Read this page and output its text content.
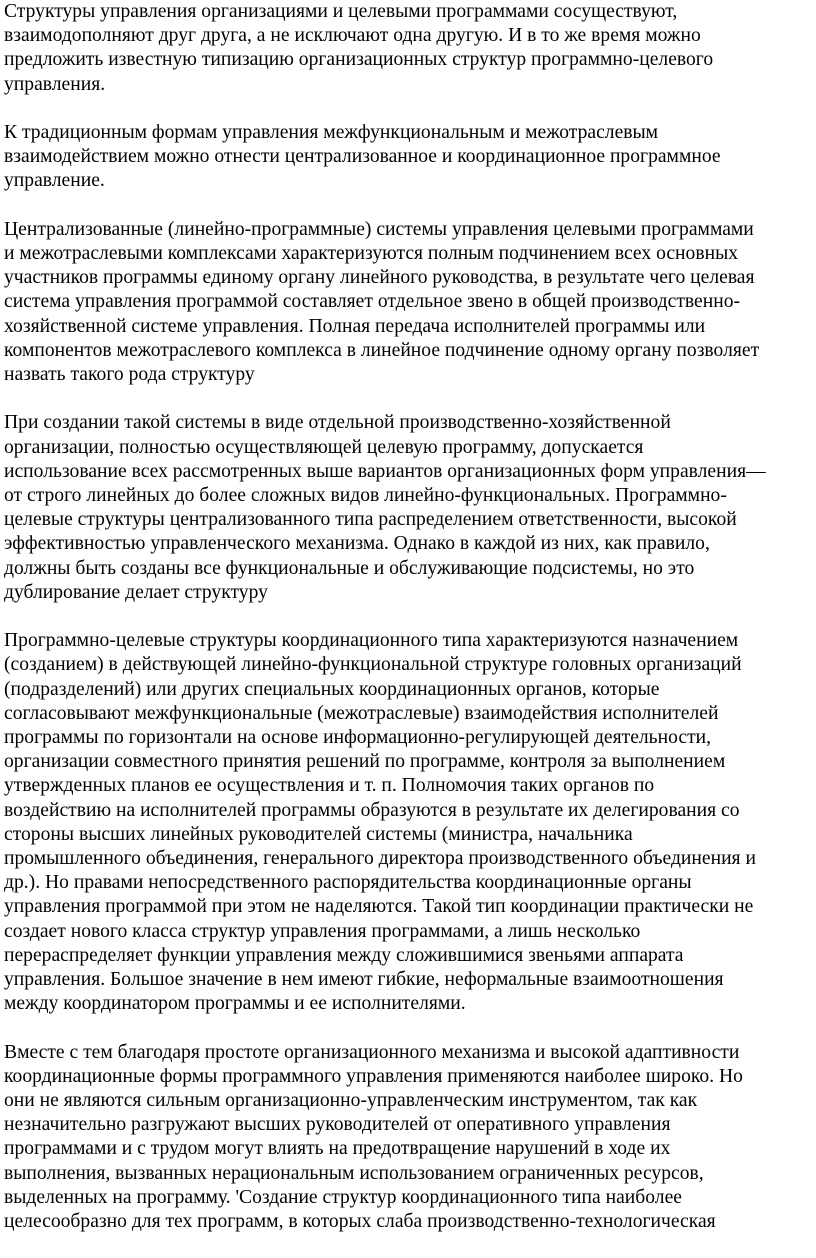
Структуры управления организациями и целевыми программами сосуществуют,
взаимодополняют друг друга, а не исключают одна другую. И в то же время можно
предложить известную типизацию организационных структур программно-целевого
управления.
К традиционным формам управления межфункциональным и межотраслевым
взаимодействием можно отнести централизованное и координационное программное
управление.
Централизованные (линейно-программные) системы управления целевыми программами
и межотраслевыми комплексами характеризуются полным подчинением всех основных
участников программы единому органу линейного руководства, в результате чего целевая
система управления программой составляет отдельное звено в общей производственно-
хозяйственной системе управления. Полная передача исполнителей программы или
компонентов межотраслевого комплекса в линейное подчинение одному органу позволяет
назвать такого рода структуру
При создании такой системы в виде отдельной производственно-хозяйственной
организации, полностью осуществляющей целевую программу, допускается
использование всех рассмотренных выше вариантов организационных форм управления—
от строго линейных до более сложных видов линейно-функциональных. Программно-
целевые структуры централизованного типа распределением ответственности, высокой
эффективностью управленческого механизма. Однако в каждой из них, как правило,
должны быть созданы все функциональные и обслуживающие подсистемы, но это
дублирование делает структуру
Программно-целевые структуры координационного типа характеризуются назначением
(созданием) в действующей линейно-функциональной структуре головных организаций
(подразделений) или других специальных координационных органов, которые
согласовывают межфункциональные (межотраслевые) взаимодействия исполнителей
программы по горизонтали на основе информационно-регулирующей деятельности,
организации совместного принятия решений по программе, контроля за выполнением
утвержденных планов ее осуществления и т. п. Полномочия таких органов по
воздействию на исполнителей программы образуются в результате их делегирования со
стороны высших линейных руководителей системы (министра, начальника
промышленного объединения, генерального директора производственного объединения и
др.). Но правами непосредственного распорядительства координационные органы
управления программой при этом не наделяются. Такой тип координации практически не
создает нового класса структур управления программами, а лишь несколько
перераспределяет функции управления между сложившимися звеньями аппарата
управления. Большое значение в нем имеют гибкие, неформальные взаимоотношения
между координатором программы и ее исполнителями.
Вместе с тем благодаря простоте организационного механизма и высокой адаптивности
координационные формы программного управления применяются наиболее широко. Но
они не являются сильным организационно-управленческим инструментом, так как
незначительно разгружают высших руководителей от оперативного управления
программами и с трудом могут влиять на предотвращение нарушений в ходе их
выполнения, вызванных нерациональным использованием ограниченных ресурсов,
выделенных на программу. 'Создание структур координационного типа наиболее
целесообразно для тех программ, в которых слаба производственно-технологическая
